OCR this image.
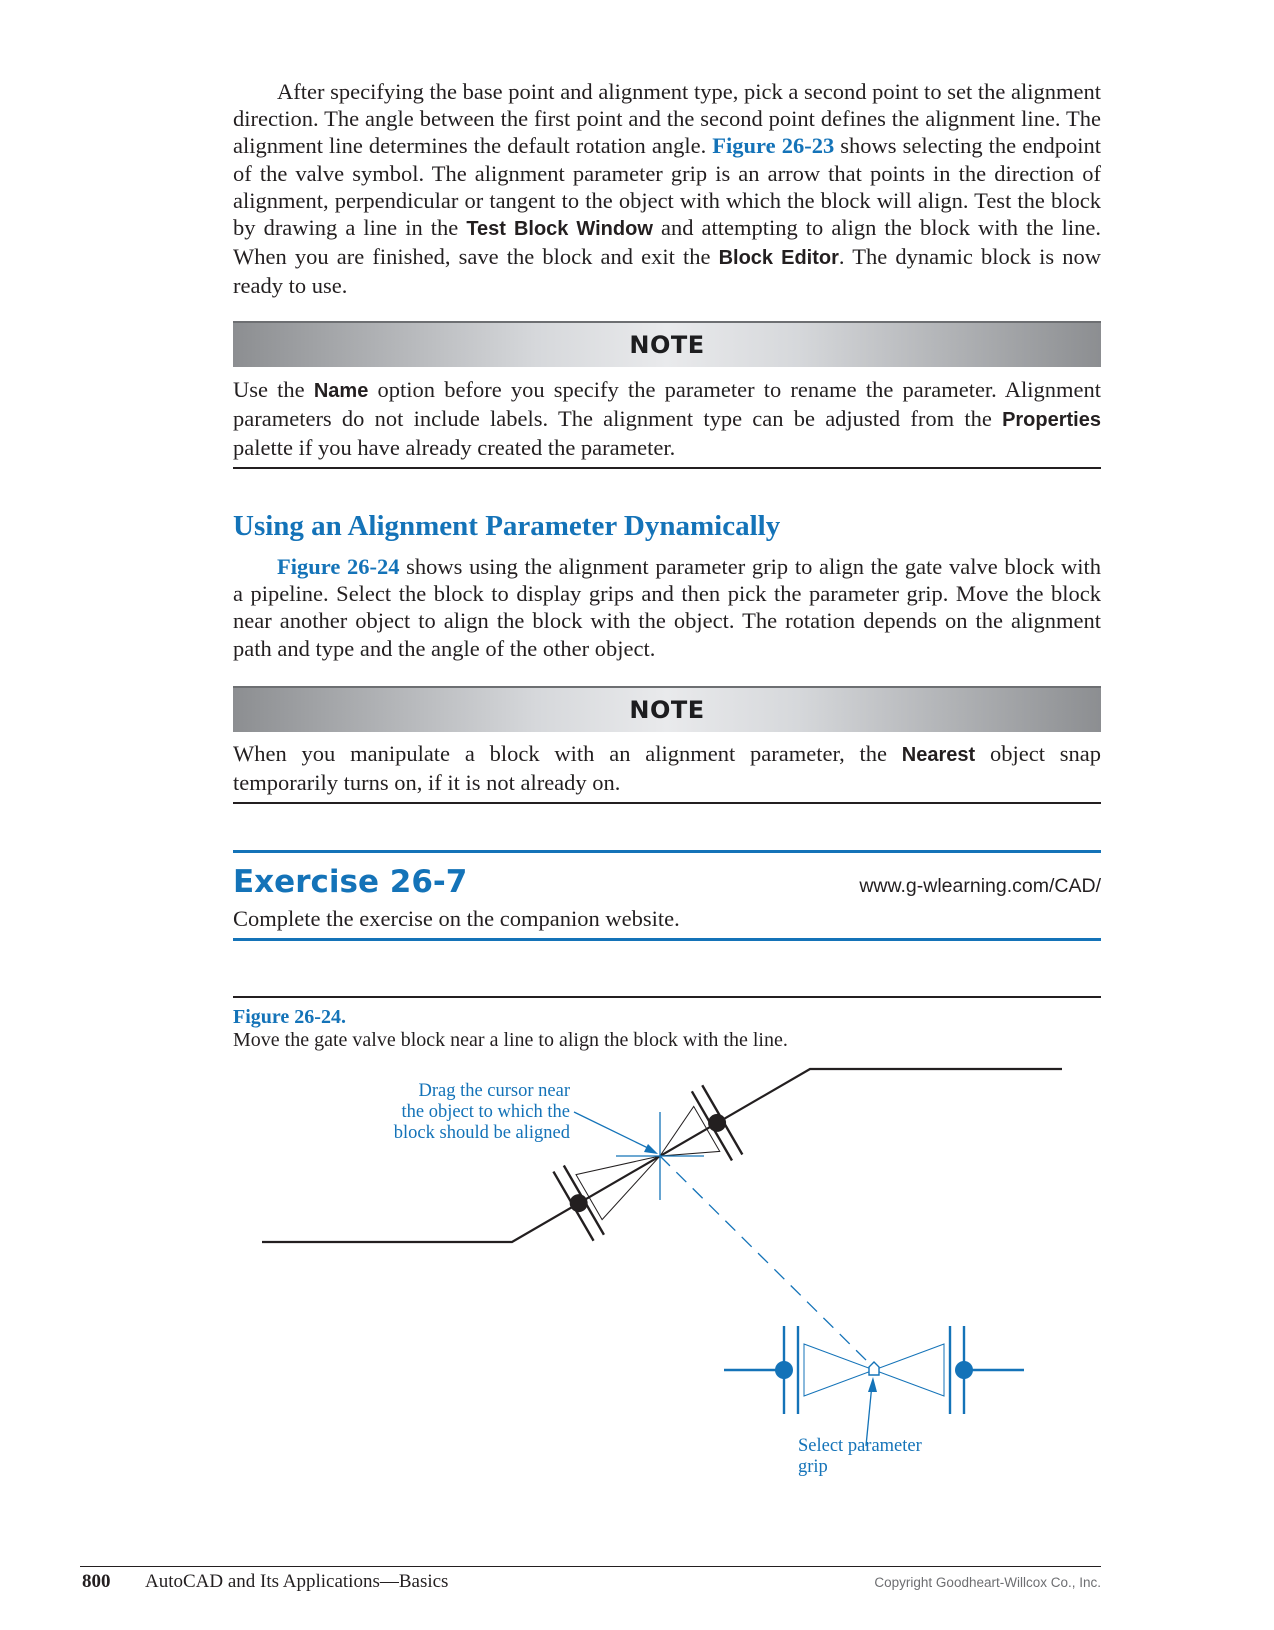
After specifying the base point and alignment type, pick a second point to set the alignment direction. The angle between the first point and the second point defines the alignment line. The alignment line determines the default rotation angle. Figure 26-23 shows selecting the endpoint of the valve symbol. The alignment parameter grip is an arrow that points in the direction of alignment, perpendicular or tangent to the object with which the block will align. Test the block by drawing a line in the Test Block Window and attempting to align the block with the line. When you are finished, save the block and exit the Block Editor. The dynamic block is now ready to use.

NOTE

Use the Name option before you specify the parameter to rename the parameter. Alignment parameters do not include labels. The alignment type can be adjusted from the Properties palette if you have already created the parameter.

Using an Alignment Parameter Dynamically

Figure 26-24 shows using the alignment parameter grip to align the gate valve block with a pipeline. Select the block to display grips and then pick the parameter grip. Move the block near another object to align the block with the object. The rotation depends on the alignment path and type and the angle of the other object.

NOTE

When you manipulate a block with an alignment parameter, the Nearest object snap temporarily turns on, if it is not already on.

Exercise 26-7	www.g-wlearning.com/CAD/
Complete the exercise on the companion website.
Figure 26-24.
Move the gate valve block near a line to align the block with the line.
Drag the cursor near
the object to which the
block should be aligned
Select parameter
grip
800 AutoCAD and Its Applications—Basics	Copyright Goodheart-Willcox Co., Inc.
